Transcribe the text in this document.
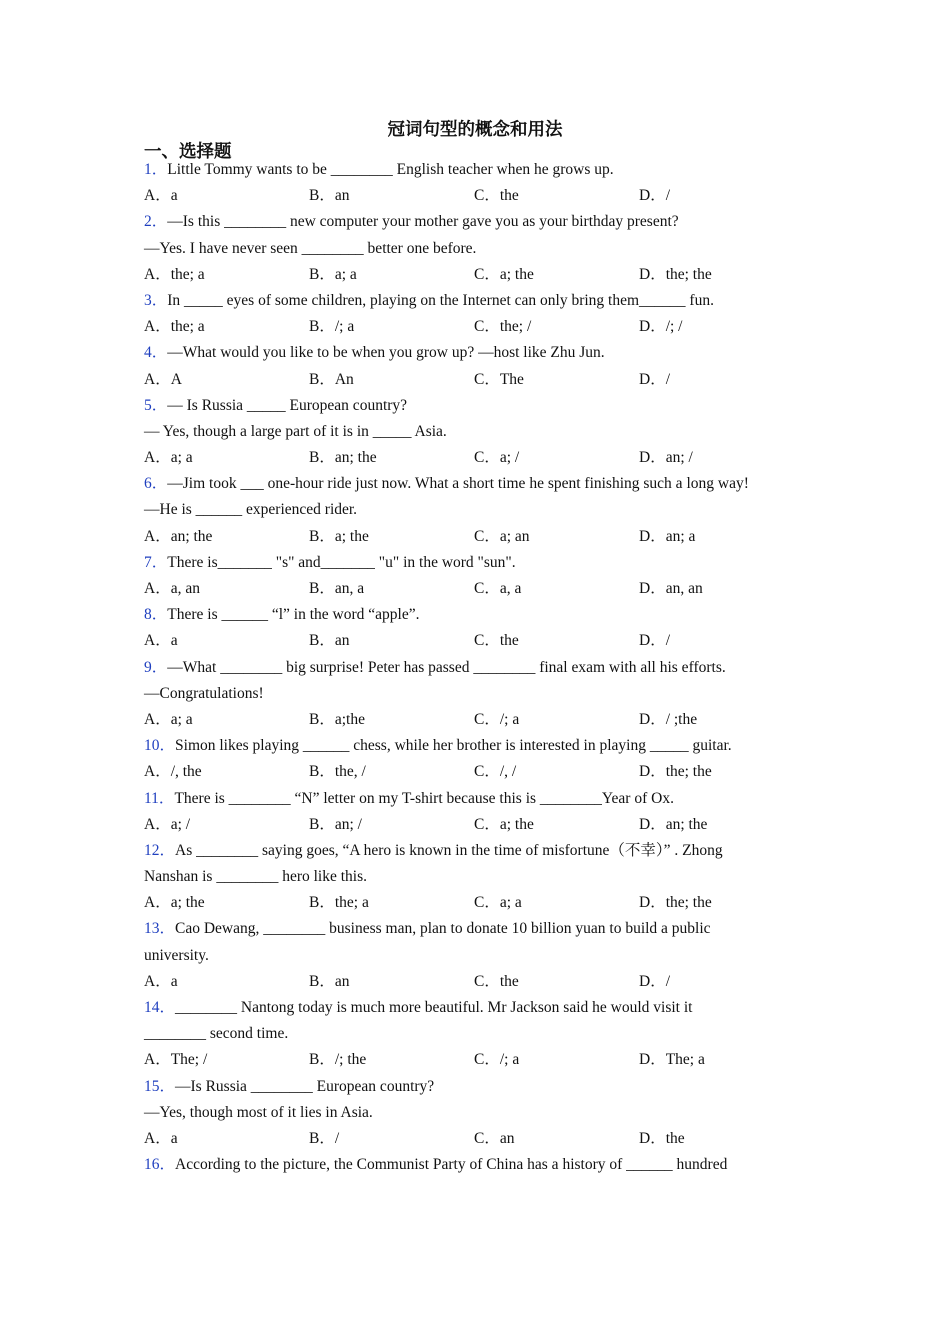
冠词句型的概念和用法
一、选择题
1．Little Tommy wants to be ________ English teacher when he grows up.
A．a	B．an	C．the	D．/
2．—Is this ________ new computer your mother gave you as your birthday present?
—Yes. I have never seen ________ better one before.
A．the; a	B．a; a	C．a; the	D．the; the
3．In _____ eyes of some children, playing on the Internet can only bring them______ fun.
A．the; a	B．/; a	C．the; /	D．/; /
4．—What would you like to be when you grow up? —host like Zhu Jun.
A．A	B．An	C．The	D．/
5．— Is Russia _____ European country?
— Yes, though a large part of it is in _____ Asia.
A．a; a	B．an; the	C．a; /	D．an; /
6．—Jim took ___ one-hour ride just now. What a short time he spent finishing such a long way!
—He is ______ experienced rider.
A．an; the	B．a; the	C．a; an	D．an; a
7．There is_______ "s" and_______ "u" in the word "sun".
A．a, an	B．an, a	C．a, a	D．an, an
8．There is ______ “l” in the word “apple”.
A．a	B．an	C．the	D．/
9．—What ________ big surprise! Peter has passed ________ final exam with all his efforts.
—Congratulations!
A．a; a	B．a;the	C．/; a	D．/ ;the
10．Simon likes playing ______ chess, while her brother is interested in playing _____ guitar.
A．/, the	B．the, /	C．/, /	D．the; the
11．There is ________ “N” letter on my T-shirt because this is ________Year of Ox.
A．a; /	B．an; /	C．a; the	D．an; the
12．As ________ saying goes, “A hero is known in the time of misfortune（不幸）” . Zhong
Nanshan is ________ hero like this.
A．a; the	B．the; a	C．a; a	D．the; the
13．Cao Dewang, ________ business man, plan to donate 10 billion yuan to build a public
university.
A．a	B．an	C．the	D．/
14．________ Nantong today is much more beautiful. Mr Jackson said he would visit it
________ second time.
A．The; /	B．/; the	C．/; a	D．The; a
15．—Is Russia ________ European country?
—Yes, though most of it lies in Asia.
A．a	B．/	C．an	D．the
16．According to the picture, the Communist Party of China has a history of ______ hundred
